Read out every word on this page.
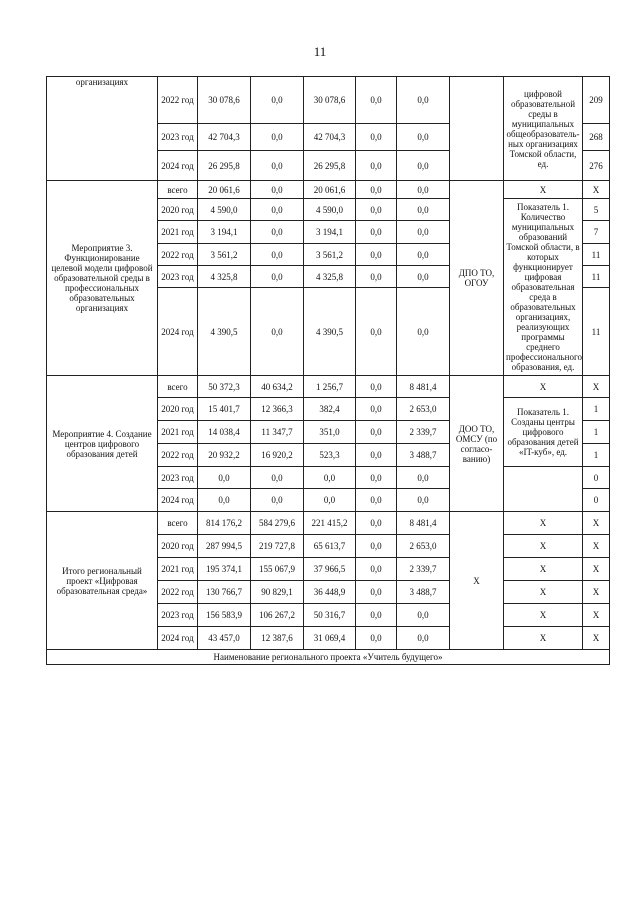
11
организациях	2022 год	30 078,6	0,0	30 078,6	0,0	0,0		цифровой образовательной среды в муниципальных общеобразователь-ных организациях Томской области, ед.	209
	2023 год	42 704,3	0,0	42 704,3	0,0	0,0			268
	2024 год	26 295,8	0,0	26 295,8	0,0	0,0			276
Мероприятие 3. Функционирование целевой модели цифровой образовательной среды в профессиональных образовательных организациях	всего	20 061,6	0,0	20 061,6	0,0	0,0	ДПО ТО, ОГОУ	Х	Х
	2020 год	4 590,0	0,0	4 590,0	0,0	0,0		Показатель 1. Количество муниципальных образований Томской области, в которых функционирует цифровая образовательная среда в образовательных организациях, реализующих программы среднего профессионального образования, ед.	5
	2021 год	3 194,1	0,0	3 194,1	0,0	0,0			7
	2022 год	3 561,2	0,0	3 561,2	0,0	0,0			11
	2023 год	4 325,8	0,0	4 325,8	0,0	0,0			11
	2024 год	4 390,5	0,0	4 390,5	0,0	0,0			11
Мероприятие 4. Создание центров цифрового образования детей	всего	50 372,3	40 634,2	1 256,7	0,0	8 481,4	ДОО ТО, ОМСУ (по согласо-ванию)	Х	Х
	2020 год	15 401,7	12 366,3	382,4	0,0	2 653,0		Показатель 1. Созданы центры цифрового образования детей «IT-куб», ед.	1
	2021 год	14 038,4	11 347,7	351,0	0,0	2 339,7			1
	2022 год	20 932,2	16 920,2	523,3	0,0	3 488,7			1
	2023 год	0,0	0,0	0,0	0,0	0,0			0
	2024 год	0,0	0,0	0,0	0,0	0,0			0
Итого региональный проект «Цифровая образовательная среда»	всего	814 176,2	584 279,6	221 415,2	0,0	8 481,4	Х	Х	Х
	2020 год	287 994,5	219 727,8	65 613,7	0,0	2 653,0		Х	Х
	2021 год	195 374,1	155 067,9	37 966,5	0,0	2 339,7		Х	Х
	2022 год	130 766,7	90 829,1	36 448,9	0,0	3 488,7		Х	Х
	2023 год	156 583,9	106 267,2	50 316,7	0,0	0,0		Х	Х
	2024 год	43 457,0	12 387,6	31 069,4	0,0	0,0		Х	Х
Наименование регионального проекта «Учитель будущего»									
